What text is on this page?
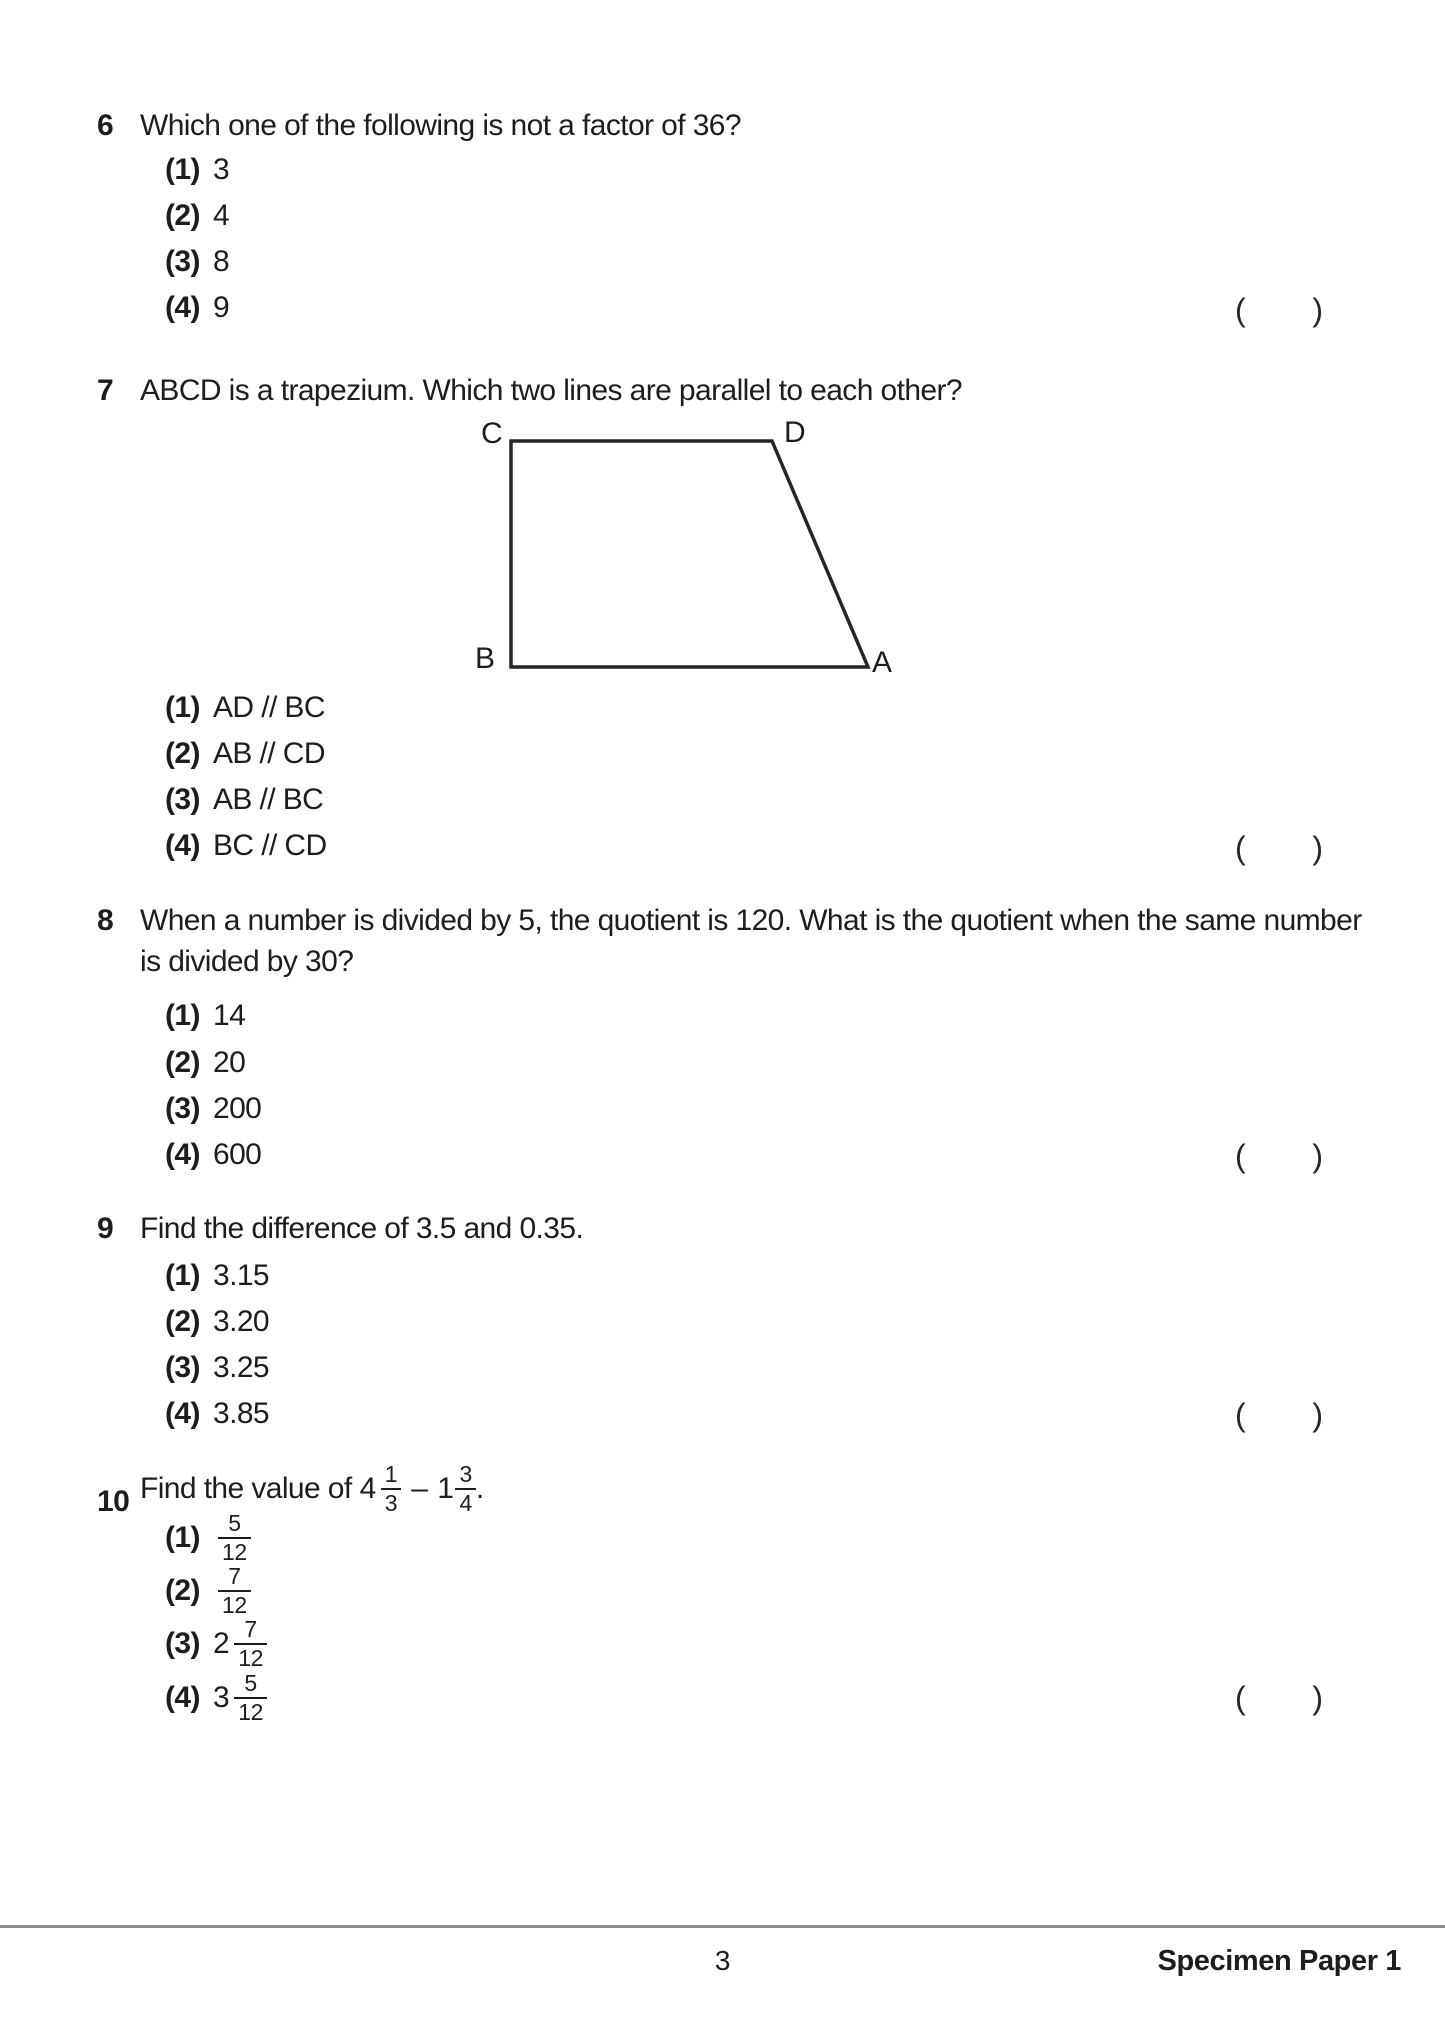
6 Which one of the following is not a factor of 36?
(1) 3
(2) 4
(3) 8
(4) 9	( )
7 ABCD is a trapezium. Which two lines are parallel to each other?
C	D
B	A
(1) AD // BC
(2) AB // CD
(3) AB // BC
(4) BC // CD	( )
8 When a number is divided by 5, the quotient is 120. What is the quotient when the same number
is divided by 30?
(1) 14
(2) 20
(3) 200
(4) 600	( )
9 Find the difference of 3.5 and 0.35.
(1) 3.15
(2) 3.20
(3) 3.25
(4) 3.85	( )
10 Find the value of $4 \frac{1}{3} - 1 \frac{3}{4}$ .
$(1) \frac{5}{12}$
$(2) \frac{7}{12}$
(3) $2 \frac{7}{12}$
(4) $3 \frac{5}{12}$	( )
3	Specimen Paper 1
